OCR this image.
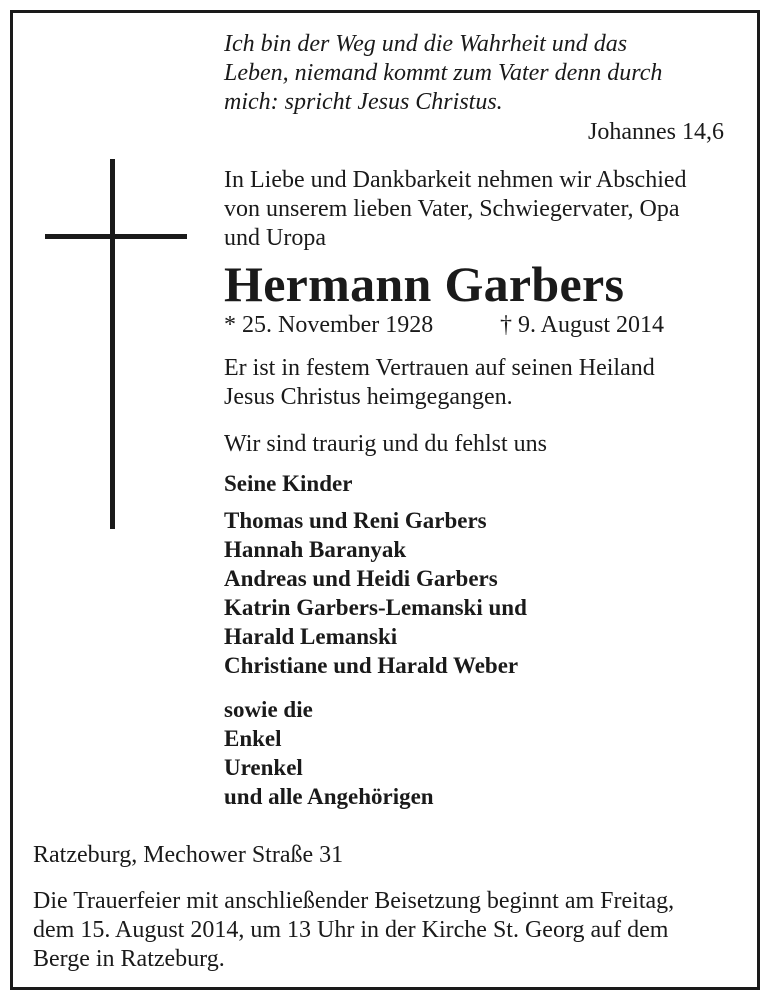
Ich bin der Weg und die Wahrheit und das
Leben, niemand kommt zum Vater denn durch
mich: spricht Jesus Christus.
Johannes 14,6
In Liebe und Dankbarkeit nehmen wir Abschied
von unserem lieben Vater, Schwiegervater, Opa
und Uropa
Hermann Garbers
* 25. November 1928	† 9. August 2014
Er ist in festem Vertrauen auf seinen Heiland
Jesus Christus heimgegangen.
Wir sind traurig und du fehlst uns
Seine Kinder
Thomas und Reni Garbers
Hannah Baranyak
Andreas und Heidi Garbers
Katrin Garbers-Lemanski und
Harald Lemanski
Christiane und Harald Weber
sowie die
Enkel
Urenkel
und alle Angehörigen
Ratzeburg, Mechower Straße 31
Die Trauerfeier mit anschließender Beisetzung beginnt am Freitag,
dem 15. August 2014, um 13 Uhr in der Kirche St. Georg auf dem
Berge in Ratzeburg.
